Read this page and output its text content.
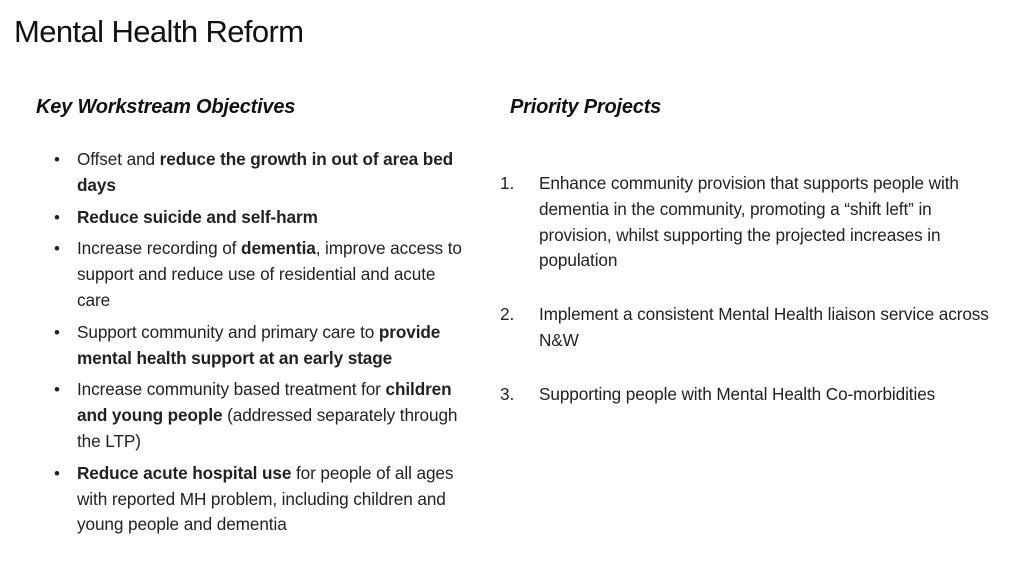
Mental Health Reform
Key Workstream Objectives	Priority Projects
• Offset and reduce the growth in out of area bed days
• Reduce suicide and self-harm
• Increase recording of dementia, improve access to support and reduce use of residential and acute care
• Support community and primary care to provide mental health support at an early stage
• Increase community based treatment for children and young people (addressed separately through the LTP)
• Reduce acute hospital use for people of all ages with reported MH problem, including children and young people and dementia
1. Enhance community provision that supports people with dementia in the community, promoting a “shift left” in provision, whilst supporting the projected increases in population
2. Implement a consistent Mental Health liaison service across N&W
3. Supporting people with Mental Health Co-morbidities
